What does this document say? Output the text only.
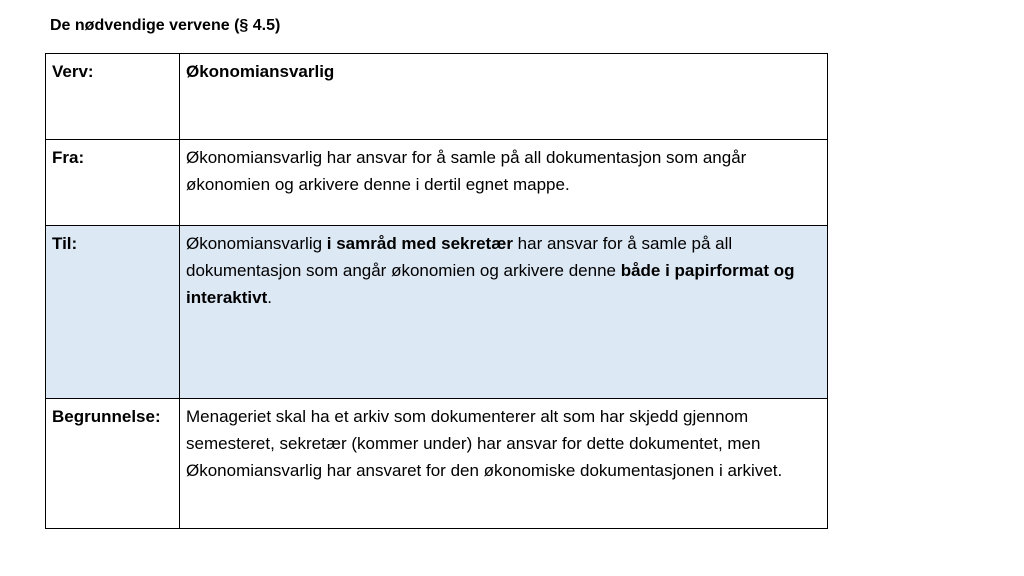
De nødvendige vervene (§ 4.5)
Verv:	Økonomiansvarlig
Fra:	Økonomiansvarlig har ansvar for å samle på all dokumentasjon som angår økonomien og arkivere denne i dertil egnet mappe.
Til:	Økonomiansvarlig i samråd med sekretær har ansvar for å samle på all dokumentasjon som angår økonomien og arkivere denne både i papirformat og interaktivt.
Begrunnelse:	Menageriet skal ha et arkiv som dokumenterer alt som har skjedd gjennom semesteret, sekretær (kommer under) har ansvar for dette dokumentet, men Økonomiansvarlig har ansvaret for den økonomiske dokumentasjonen i arkivet.
